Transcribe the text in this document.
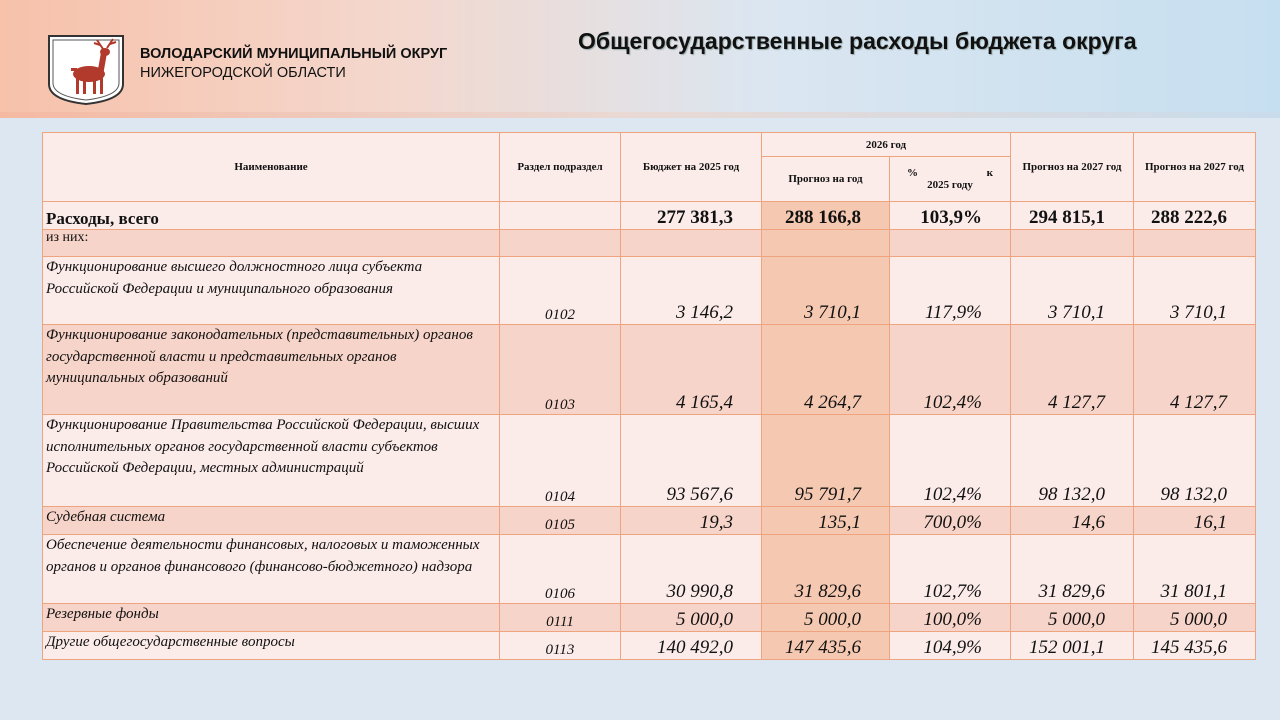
ВОЛОДАРСКИЙ МУНИЦИПАЛЬНЫЙ ОКРУГ
НИЖЕГОРОДСКОЙ ОБЛАСТИ
Общегосударственные расходы бюджета округа
Наименование	Раздел подраздел	Бюджет на 2025 год	2026 год		Прогноз на 2027 год	Прогноз на 2027 год
			Прогноз на год	% к
2025 году		

Расходы, всего		277 381,3	288 166,8	103,9%	294 815,1	288 222,6
из них:						
Функционирование высшего должностного лица субъекта Российской Федерации и муниципального образования	0102	3 146,2	3 710,1	117,9%	3 710,1	3 710,1
Функционирование законодательных (представительных) органов государственной власти и представительных органов муниципальных образований	0103	4 165,4	4 264,7	102,4%	4 127,7	4 127,7
Функционирование Правительства Российской Федерации, высших исполнительных органов государственной власти субъектов Российской Федерации, местных администраций	0104	93 567,6	95 791,7	102,4%	98 132,0	98 132,0
Судебная система	0105	19,3	135,1	700,0%	14,6	16,1
Обеспечение деятельности финансовых, налоговых и таможенных органов и органов финансового (финансово-бюджетного) надзора	0106	30 990,8	31 829,6	102,7%	31 829,6	31 801,1
Резервные фонды	0111	5 000,0	5 000,0	100,0%	5 000,0	5 000,0
Другие общегосударственные вопросы	0113	140 492,0	147 435,6	104,9%	152 001,1	145 435,6
